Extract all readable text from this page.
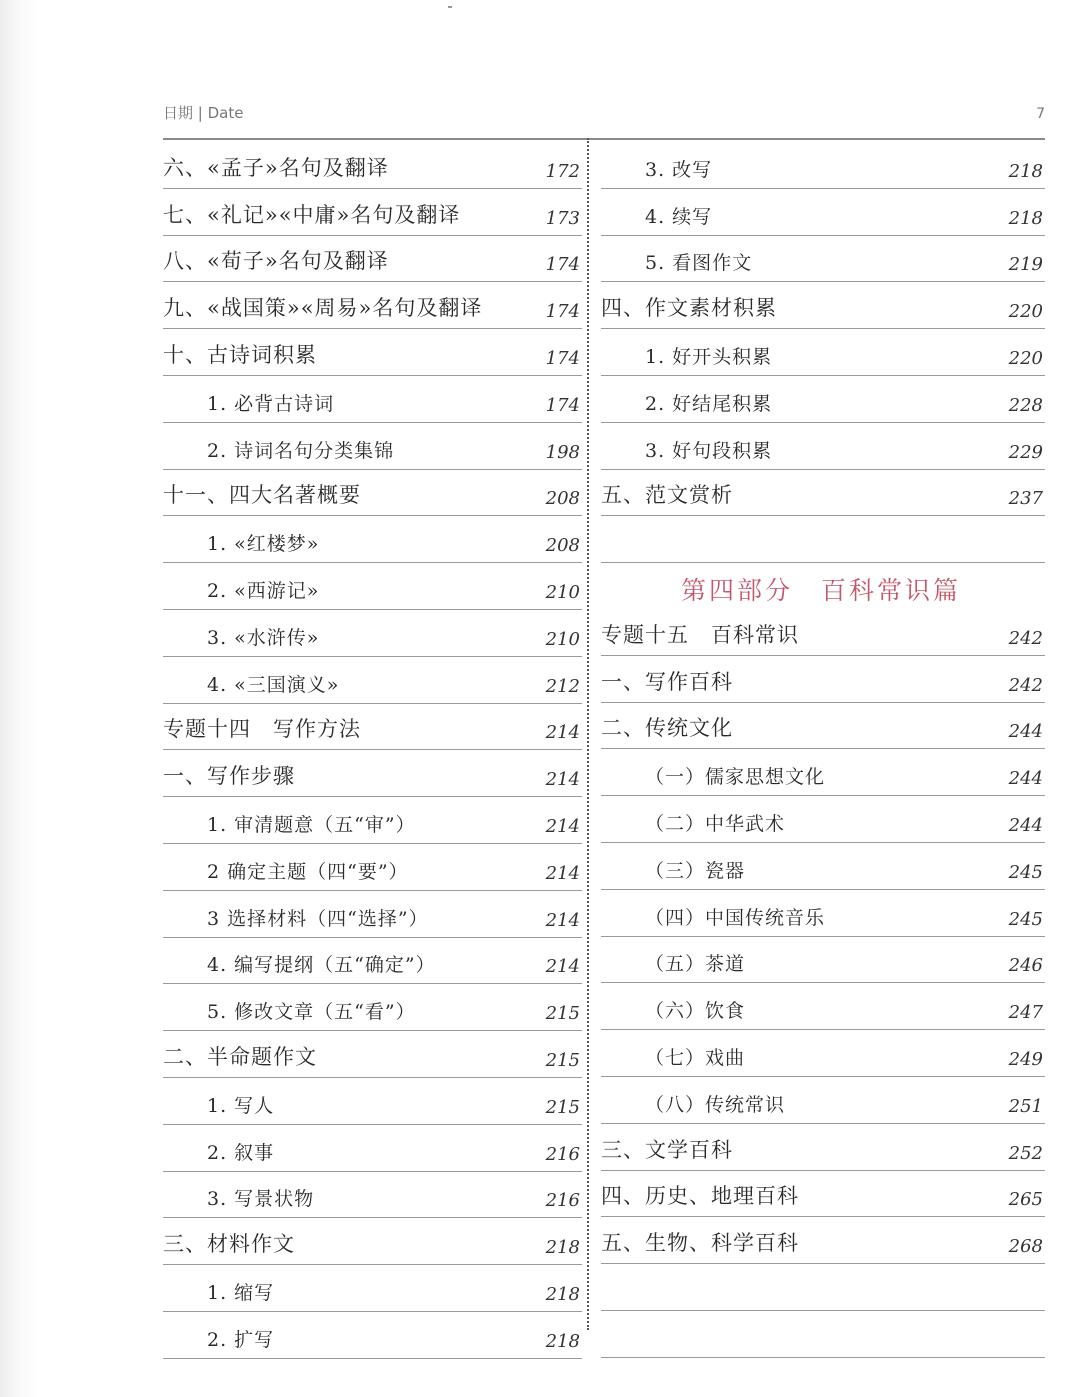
日期 | Date	7
六、«孟子»名句及翻译	172
七、«礼记»«中庸»名句及翻译	173
八、«荀子»名句及翻译	174
九、«战国策»«周易»名句及翻译	174
十、古诗词积累	174
1. 必背古诗词	174
2. 诗词名句分类集锦	198
十一、四大名著概要	208
1. «红楼梦»	208
2. «西游记»	210
3. «水浒传»	210
4. «三国演义»	212
专题十四　写作方法	214
一、写作步骤	214
1. 审清题意（五“审”）	214
2 确定主题（四“要”）	214
3 选择材料（四“选择”）	214
4. 编写提纲（五“确定”）	214
5. 修改文章（五“看”）	215
二、半命题作文	215
1. 写人	215
2. 叙事	216
3. 写景状物	216
三、材料作文	218
1. 缩写	218
2. 扩写	218
3. 改写	218
4. 续写	218
5. 看图作文	219
四、作文素材积累	220
1. 好开头积累	220
2. 好结尾积累	228
3. 好句段积累	229
五、范文赏析	237
第四部分　百科常识篇
专题十五　百科常识	242
一、写作百科	242
二、传统文化	244
（一）儒家思想文化	244
（二）中华武术	244
（三）瓷器	245
（四）中国传统音乐	245
（五）茶道	246
（六）饮食	247
（七）戏曲	249
（八）传统常识	251
三、文学百科	252
四、历史、地理百科	265
五、生物、科学百科	268
